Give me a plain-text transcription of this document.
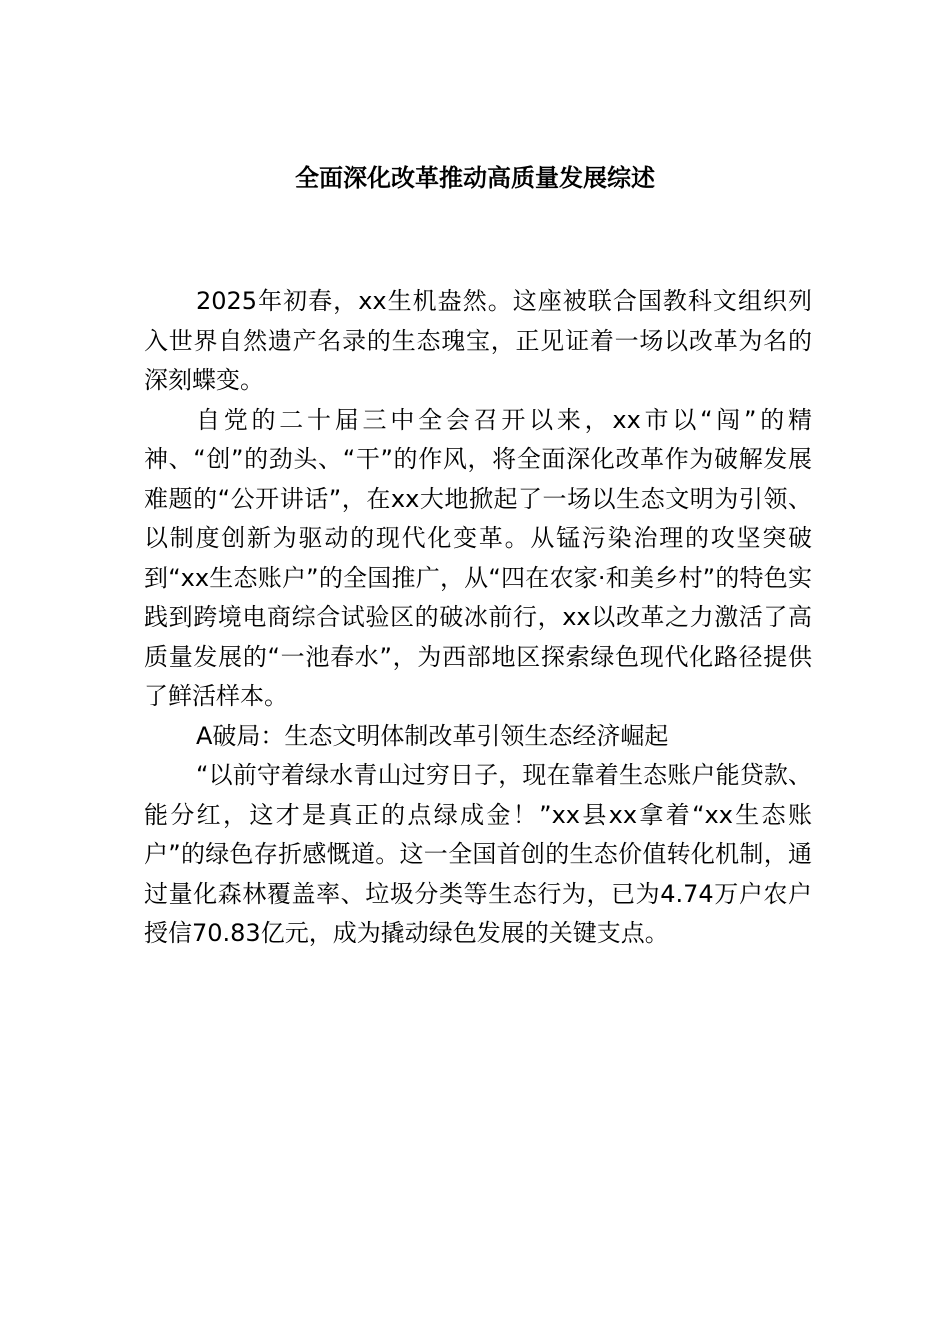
全面深化改革推动高质量发展综述

2025年初春，xx生机盎然。这座被联合国教科文组织列入世界自然遗产名录的生态瑰宝，正见证着一场以改革为名的深刻蝶变。

自党的二十届三中全会召开以来，xx市以“闯”的精神、“创”的劲头、“干”的作风，将全面深化改革作为破解发展难题的“公开讲话”，在xx大地掀起了一场以生态文明为引领、以制度创新为驱动的现代化变革。从锰污染治理的攻坚突破到“xx生态账户”的全国推广，从“四在农家·和美乡村”的特色实践到跨境电商综合试验区的破冰前行，xx以改革之力激活了高质量发展的“一池春水”，为西部地区探索绿色现代化路径提供了鲜活样本。

A破局：生态文明体制改革引领生态经济崛起

“以前守着绿水青山过穷日子，现在靠着生态账户能贷款、能分红，这才是真正的点绿成金！”xx县xx拿着“xx生态账户”的绿色存折感慨道。这一全国首创的生态价值转化机制，通过量化森林覆盖率、垃圾分类等生态行为，已为4.74万户农户授信70.83亿元，成为撬动绿色发展的关键支点。
